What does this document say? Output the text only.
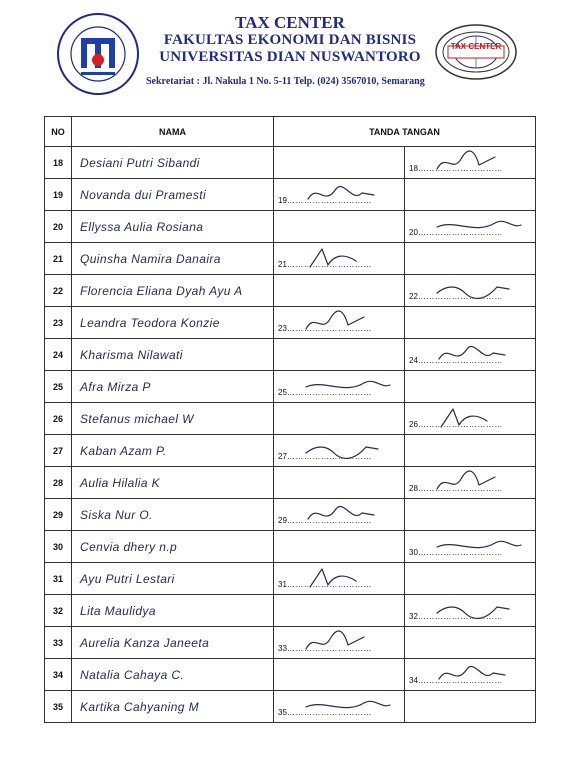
TAX CENTER
TAX CENTER
FAKULTAS EKONOMI DAN BISNIS
UNIVERSITAS DIAN NUSWANTORO
Sekretariat : Jl. Nakula 1 No. 5-11 Telp. (024) 3567010, Semarang
NO	NAMA	TANDA TANGAN	
18	Desiani Putri Sibandi		18…………………………

19	Novanda dui Pramesti	19…………………………	

20	Ellyssa Aulia Rosiana		20…………………………

21	Quinsha Namira Danaira	21…………………………	

22	Florencia Eliana Dyah Ayu A		22…………………………

23	Leandra Teodora Konzie	23…………………………	

24	Kharisma Nilawati		24…………………………

25	Afra Mirza P	25…………………………	

26	Stefanus michael W		26…………………………

27	Kaban Azam P.	27…………………………	

28	Aulia Hilalia K		28…………………………

29	Siska Nur O.	29…………………………	

30	Cenvia dhery n.p		30…………………………

31	Ayu Putri Lestari	31…………………………	

32	Lita Maulidya		32…………………………

33	Aurelia Kanza Janeeta	33…………………………	

34	Natalia Cahaya C.		34…………………………

35	Kartika Cahyaning M	35…………………………	
